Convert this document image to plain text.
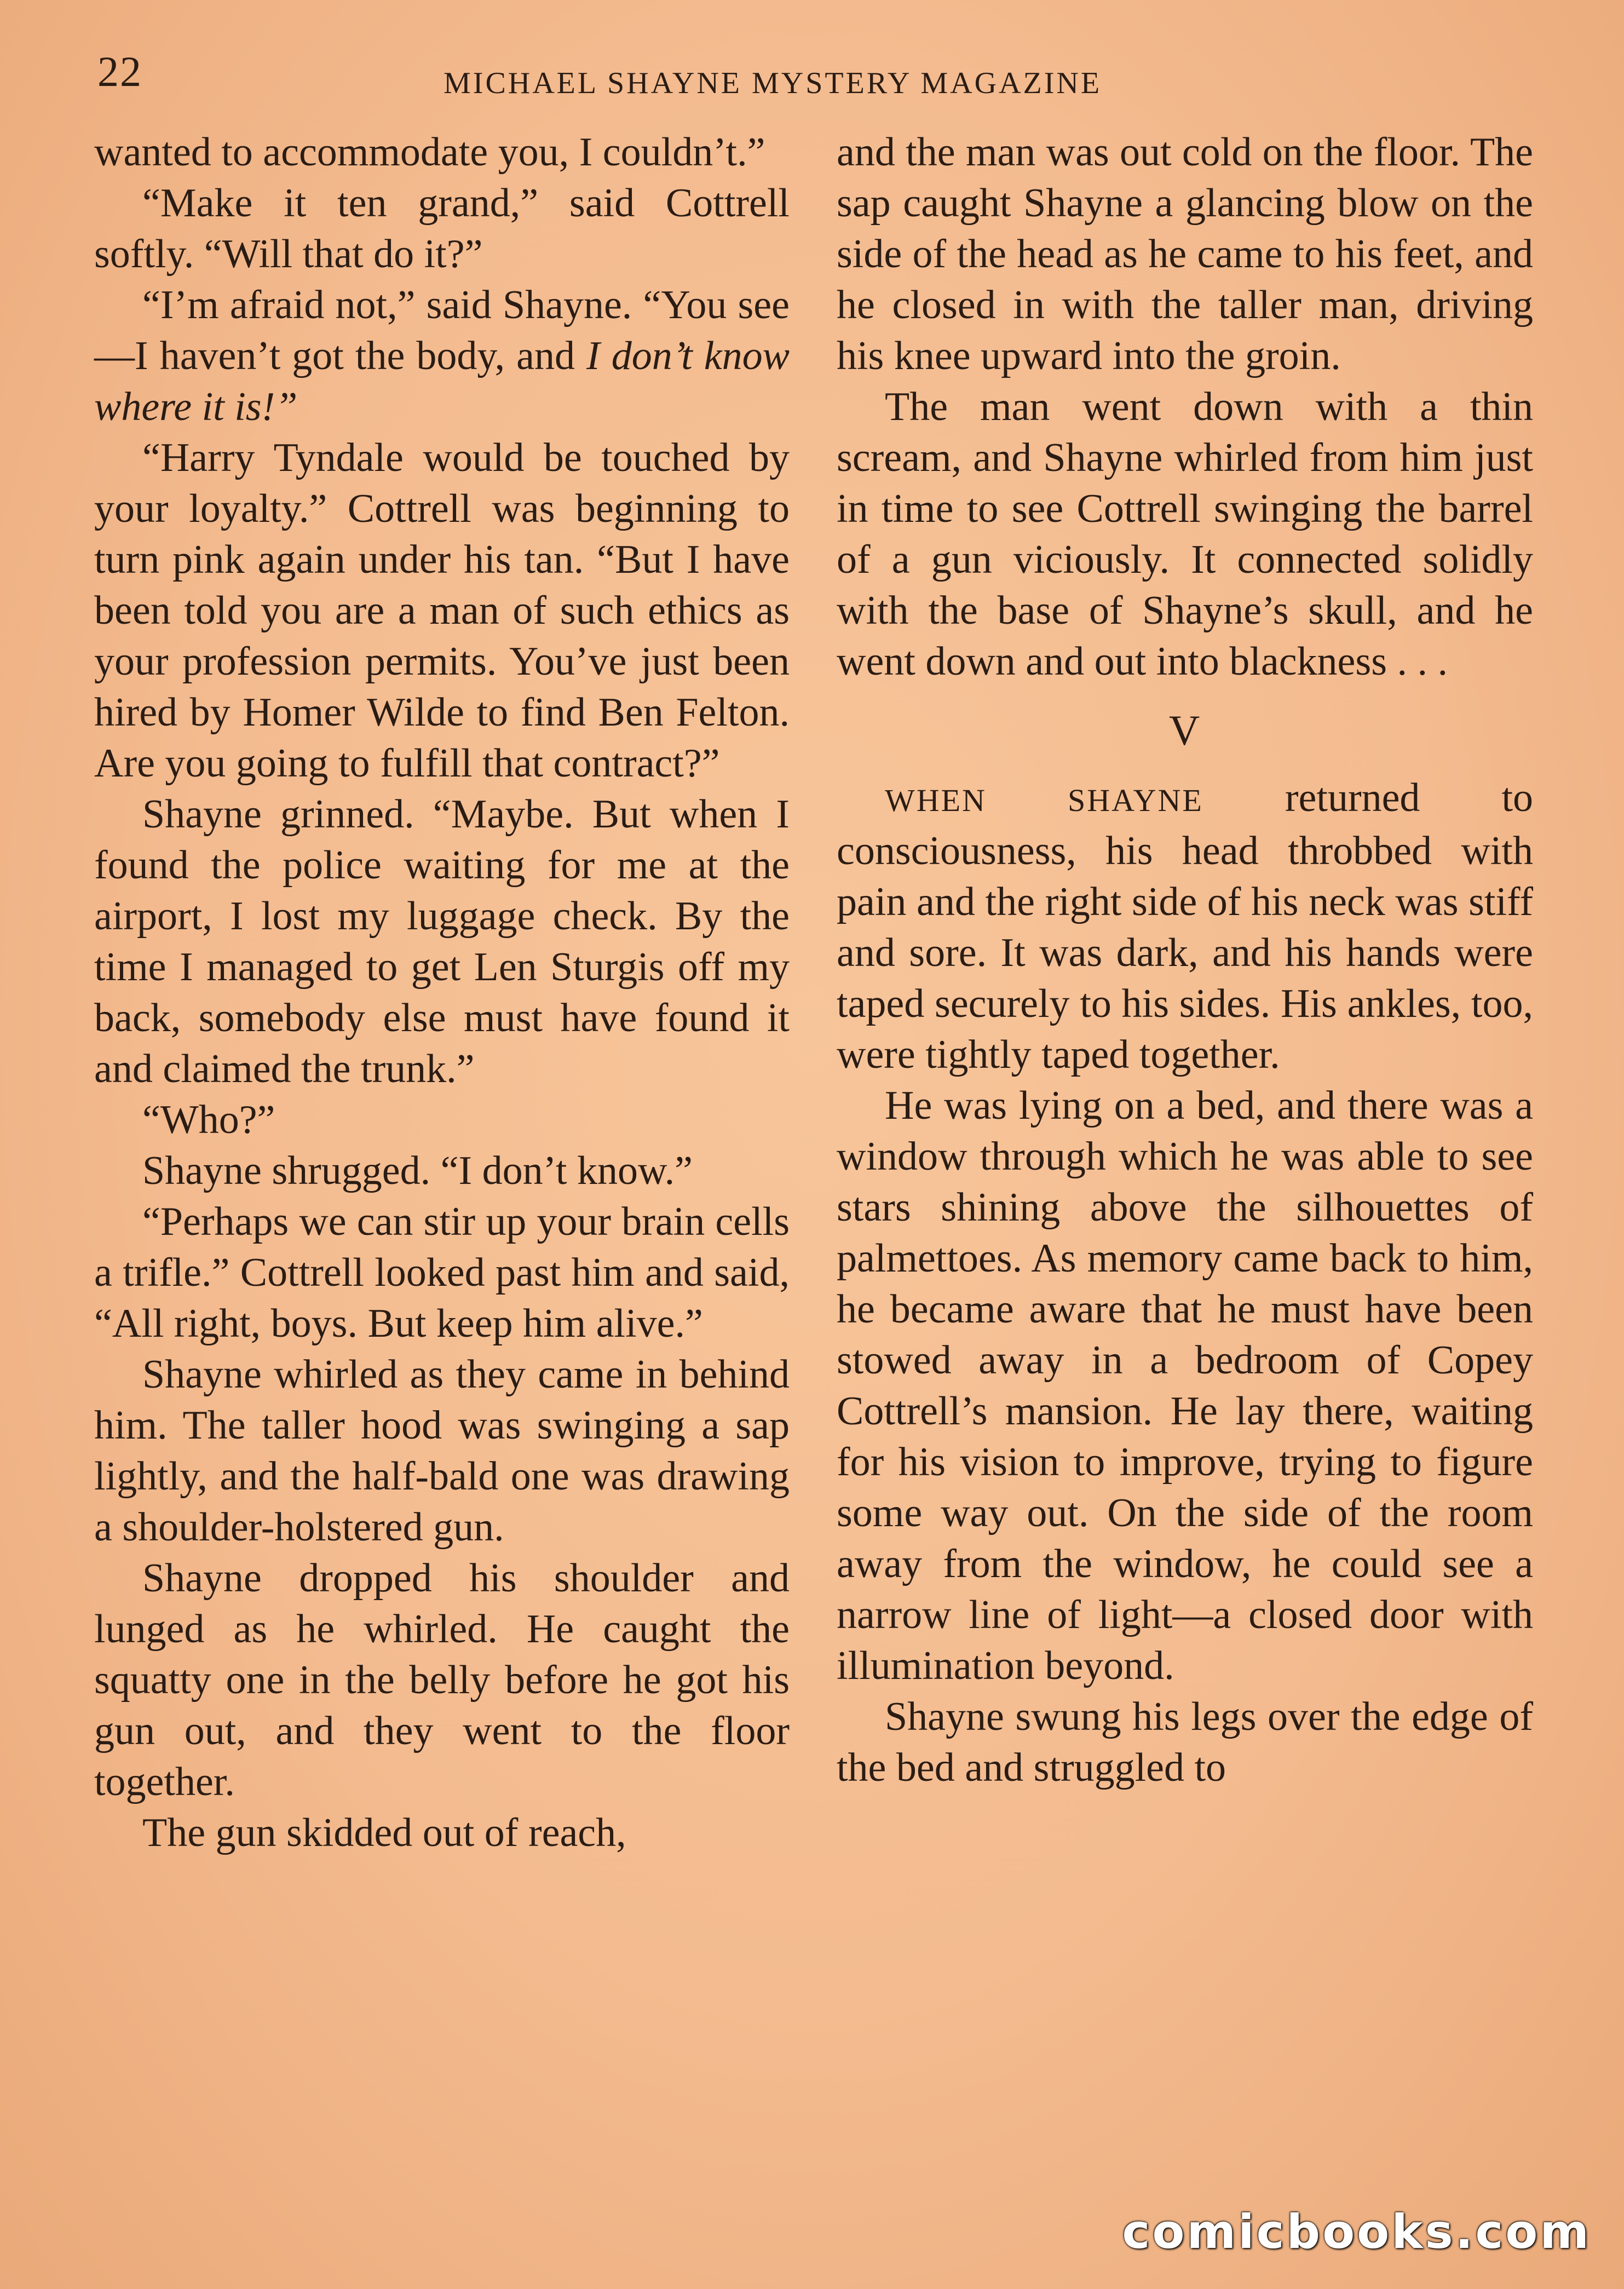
22	MICHAEL SHAYNE MYSTERY MAGAZINE

wanted to accommodate you, I couldn’t.”

“Make it ten grand,” said Cottrell softly. “Will that do it?”

“I’m afraid not,” said Shayne. “You see—I haven’t got the body, and I don’t know where it is!”

“Harry Tyndale would be touched by your loyalty.” Cottrell was beginning to turn pink again under his tan. “But I have been told you are a man of such ethics as your profession permits. You’ve just been hired by Homer Wilde to find Ben Felton. Are you going to fulfill that contract?”

Shayne grinned. “Maybe. But when I found the police waiting for me at the airport, I lost my luggage check. By the time I managed to get Len Sturgis off my back, somebody else must have found it and claimed the trunk.”

“Who?”

Shayne shrugged. “I don’t know.”

“Perhaps we can stir up your brain cells a trifle.” Cottrell looked past him and said, “All right, boys. But keep him alive.”

Shayne whirled as they came in behind him. The taller hood was swinging a sap lightly, and the half-bald one was drawing a shoulder-holstered gun.

Shayne dropped his shoulder and lunged as he whirled. He caught the squatty one in the belly before he got his gun out, and they went to the floor together.

The gun skidded out of reach,

and the man was out cold on the floor. The sap caught Shayne a glancing blow on the side of the head as he came to his feet, and he closed in with the taller man, driving his knee upward into the groin.

The man went down with a thin scream, and Shayne whirled from him just in time to see Cottrell swinging the barrel of a gun viciously. It connected solidly with the base of Shayne’s skull, and he went down and out into blackness . . .

V

WHEN SHAYNE returned to consciousness, his head throbbed with pain and the right side of his neck was stiff and sore. It was dark, and his hands were taped securely to his sides. His ankles, too, were tightly taped together.

He was lying on a bed, and there was a window through which he was able to see stars shining above the silhouettes of palmettoes. As memory came back to him, he became aware that he must have been stowed away in a bedroom of Copey Cottrell’s mansion. He lay there, waiting for his vision to improve, trying to figure some way out. On the side of the room away from the window, he could see a narrow line of light—a closed door with illumination beyond.

Shayne swung his legs over the edge of the bed and struggled to

comicbooks.com
